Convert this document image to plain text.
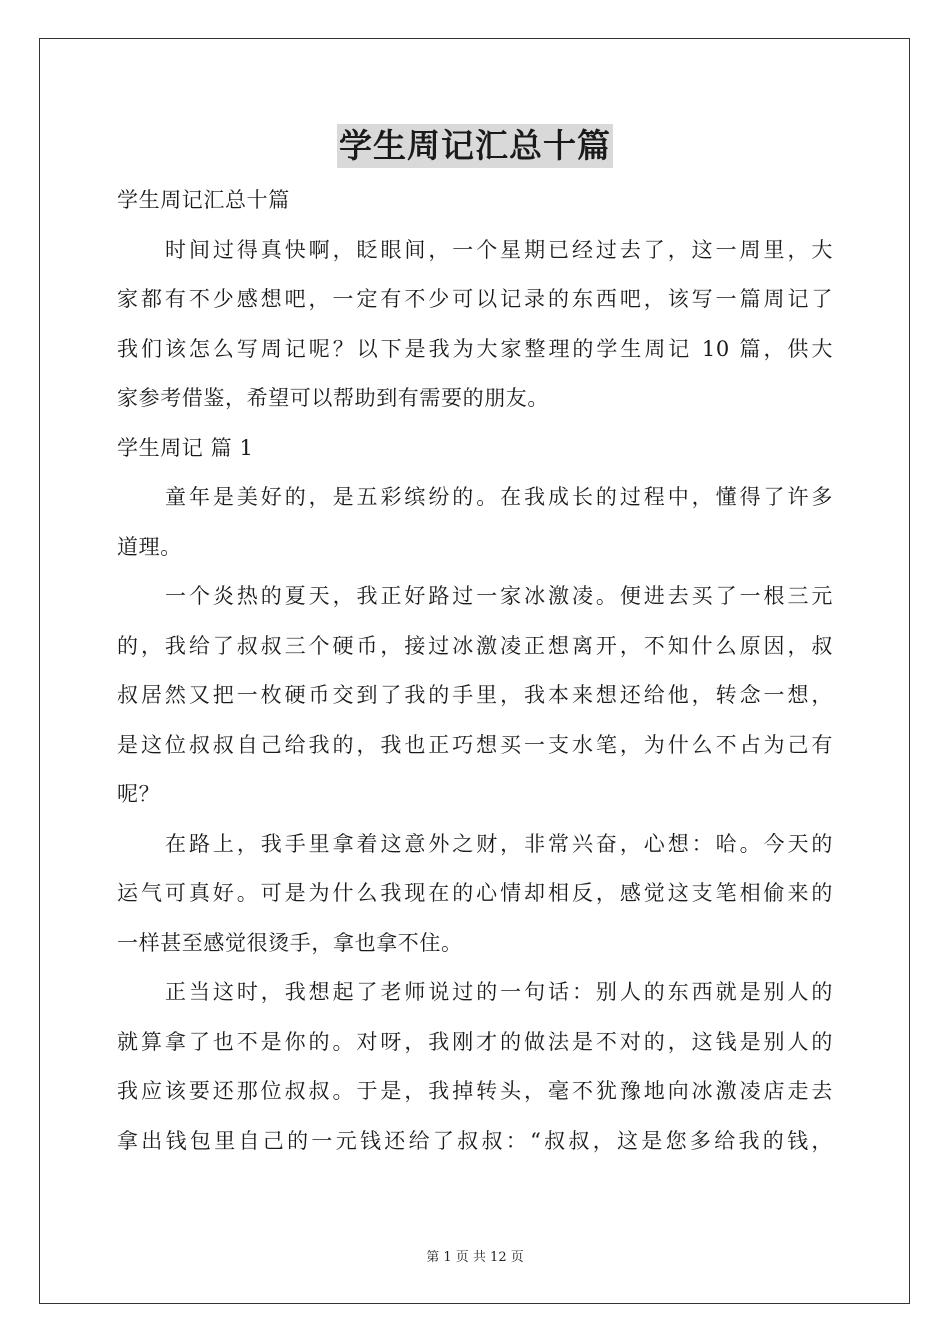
学生周记汇总十篇
学生周记汇总十篇
时间过得真快啊，眨眼间，一个星期已经过去了，这一周里，大
家都有不少感想吧，一定有不少可以记录的东西吧，该写一篇周记了
我们该怎么写周记呢？以下是我为大家整理的学生周记 10 篇，供大
家参考借鉴，希望可以帮助到有需要的朋友。
学生周记 篇 1
童年是美好的，是五彩缤纷的。在我成长的过程中，懂得了许多
道理。
一个炎热的夏天，我正好路过一家冰激凌。便进去买了一根三元
的，我给了叔叔三个硬币，接过冰激凌正想离开，不知什么原因，叔
叔居然又把一枚硬币交到了我的手里，我本来想还给他，转念一想，
是这位叔叔自己给我的，我也正巧想买一支水笔，为什么不占为己有
呢？
在路上，我手里拿着这意外之财，非常兴奋，心想：哈。今天的
运气可真好。可是为什么我现在的心情却相反，感觉这支笔相偷来的
一样甚至感觉很烫手，拿也拿不住。
正当这时，我想起了老师说过的一句话：别人的东西就是别人的
就算拿了也不是你的。对呀，我刚才的做法是不对的，这钱是别人的
我应该要还那位叔叔。于是，我掉转头，毫不犹豫地向冰激凌店走去
拿出钱包里自己的一元钱还给了叔叔：“叔叔，这是您多给我的钱，
第 1 页 共 12 页
